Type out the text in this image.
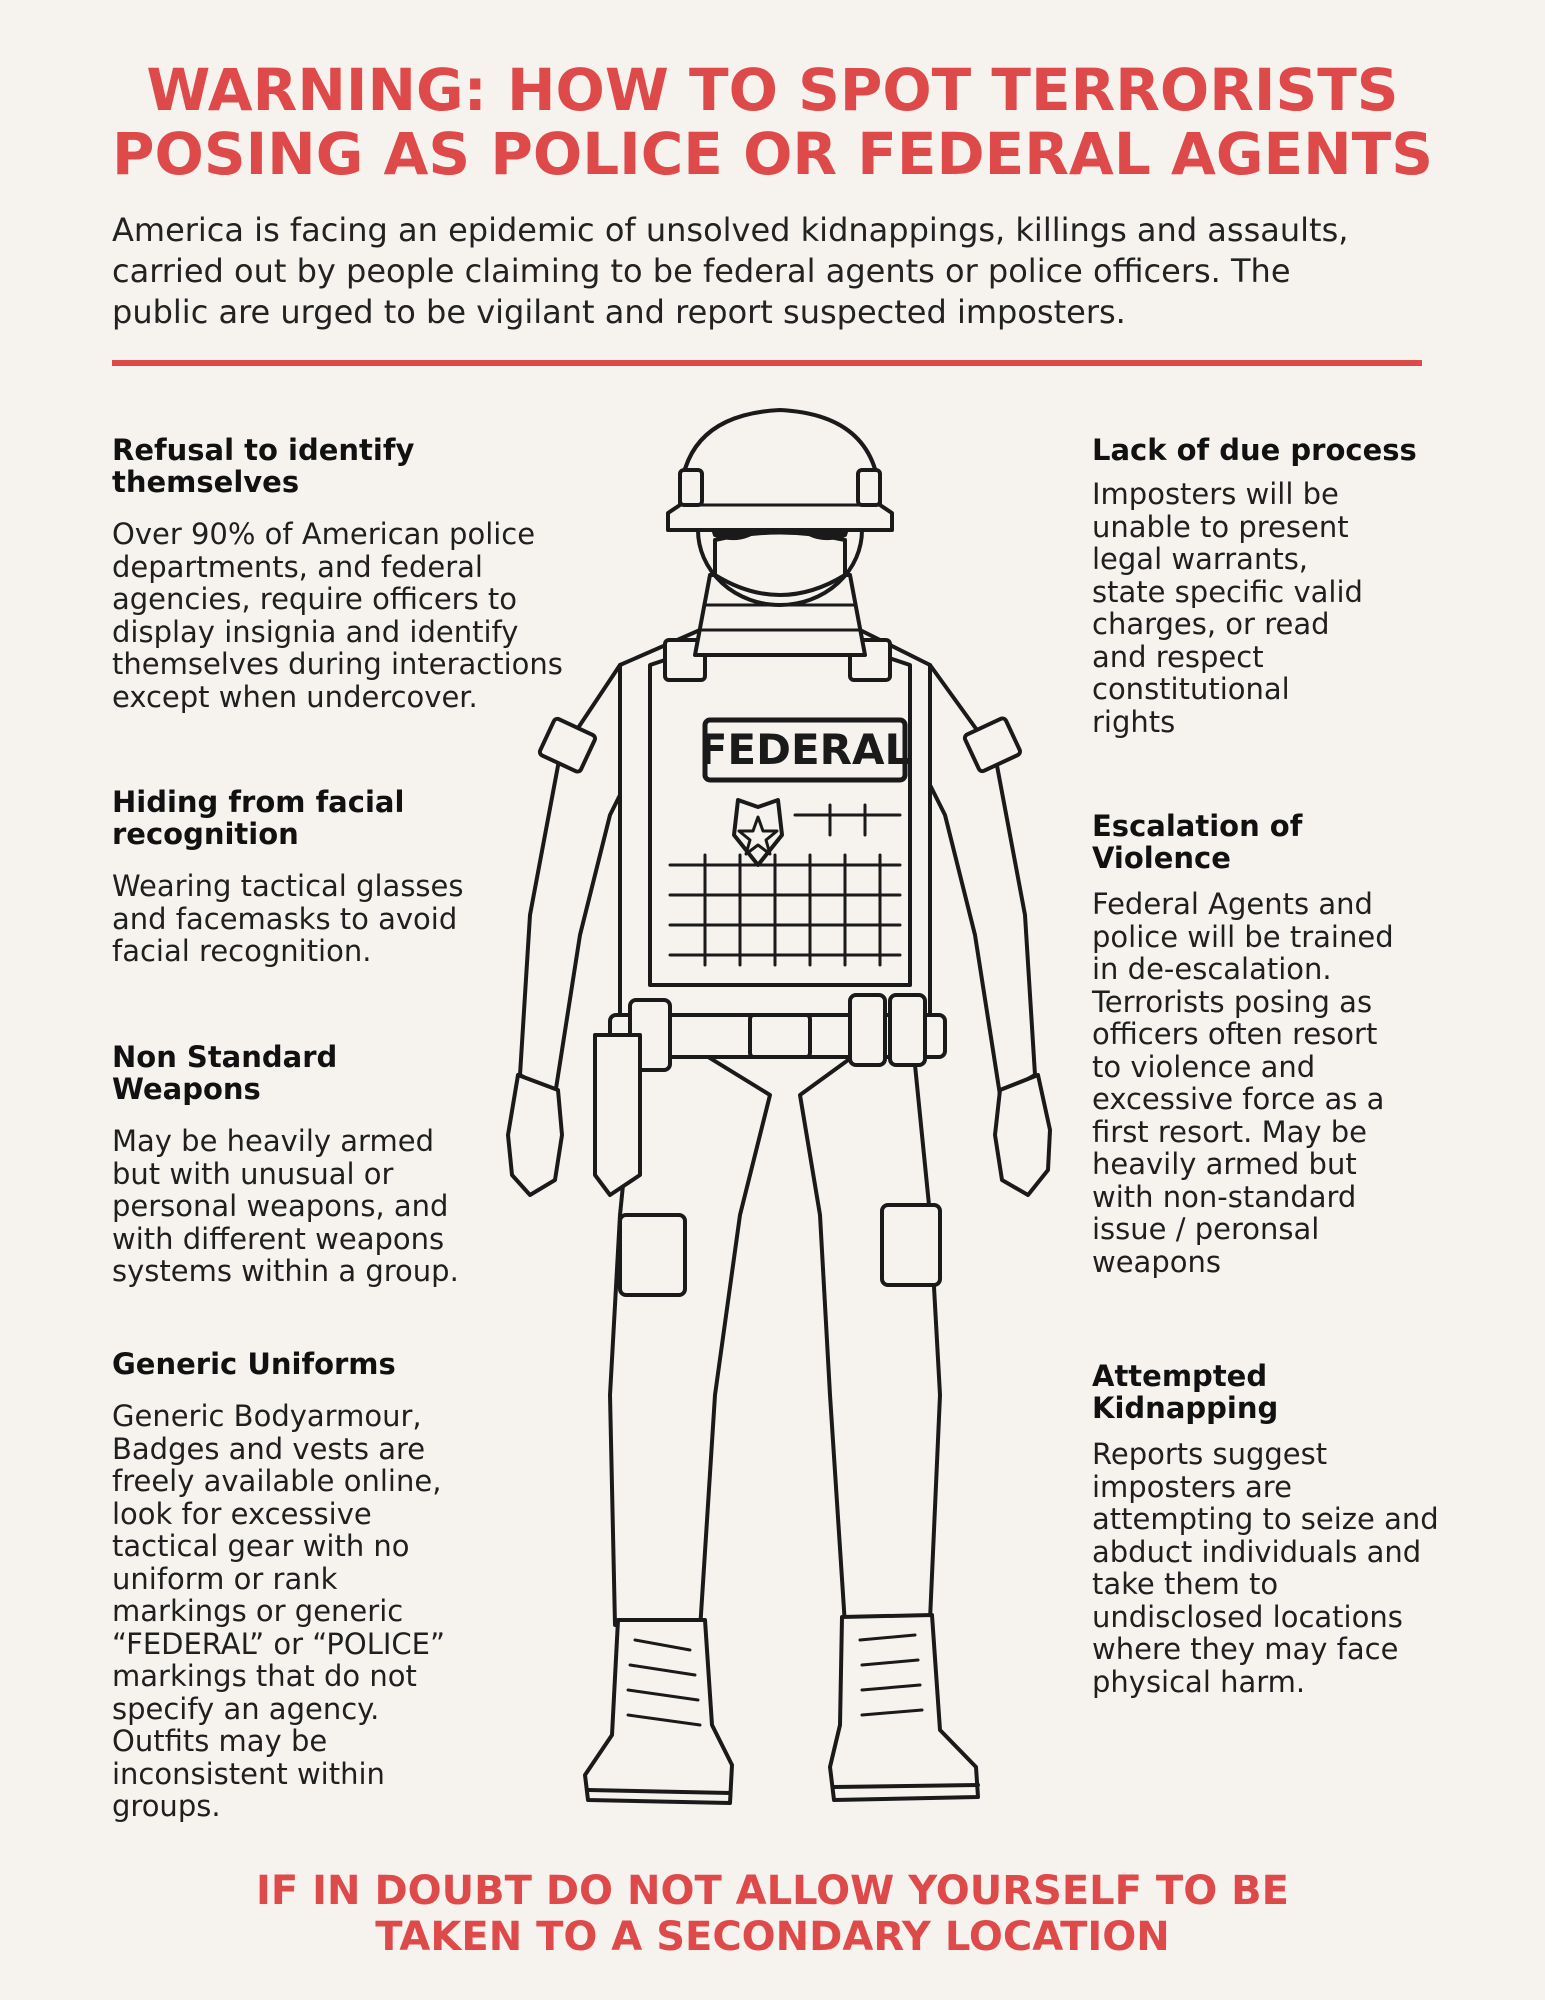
WARNING: HOW TO SPOT TERRORISTS
POSING AS POLICE OR FEDERAL AGENTS
America is facing an epidemic of unsolved kidnappings, killings and assaults,
carried out by people claiming to be federal agents or police officers. The
public are urged to be vigilant and report suspected imposters.
Refusal to identify
themselves

Over 90% of American police
departments, and federal
agencies, require officers to
display insignia and identify
themselves during interactions
except when undercover.

Hiding from facial
recognition

Wearing tactical glasses
and facemasks to avoid
facial recognition.

Non Standard
Weapons

May be heavily armed
but with unusual or
personal weapons, and
with different weapons
systems within a group.

Generic Uniforms

Generic Bodyarmour,
Badges and vests are
freely available online,
look for excessive
tactical gear with no
uniform or rank
markings or generic
“FEDERAL” or “POLICE”
markings that do not
specify an agency.
Outfits may be
inconsistent within
groups.

Lack of due process

Imposters will be
unable to present
legal warrants,
state specific valid
charges, or read
and respect
constitutional
rights

Escalation of
Violence

Federal Agents and
police will be trained
in de-escalation.
Terrorists posing as
officers often resort
to violence and
excessive force as a
first resort. May be
heavily armed but
with non-standard
issue / peronsal
weapons

Attempted
Kidnapping

Reports suggest
imposters are
attempting to seize and
abduct individuals and
take them to
undisclosed locations
where they may face
physical harm.

FEDERAL
IF IN DOUBT DO NOT ALLOW YOURSELF TO BE
TAKEN TO A SECONDARY LOCATION
